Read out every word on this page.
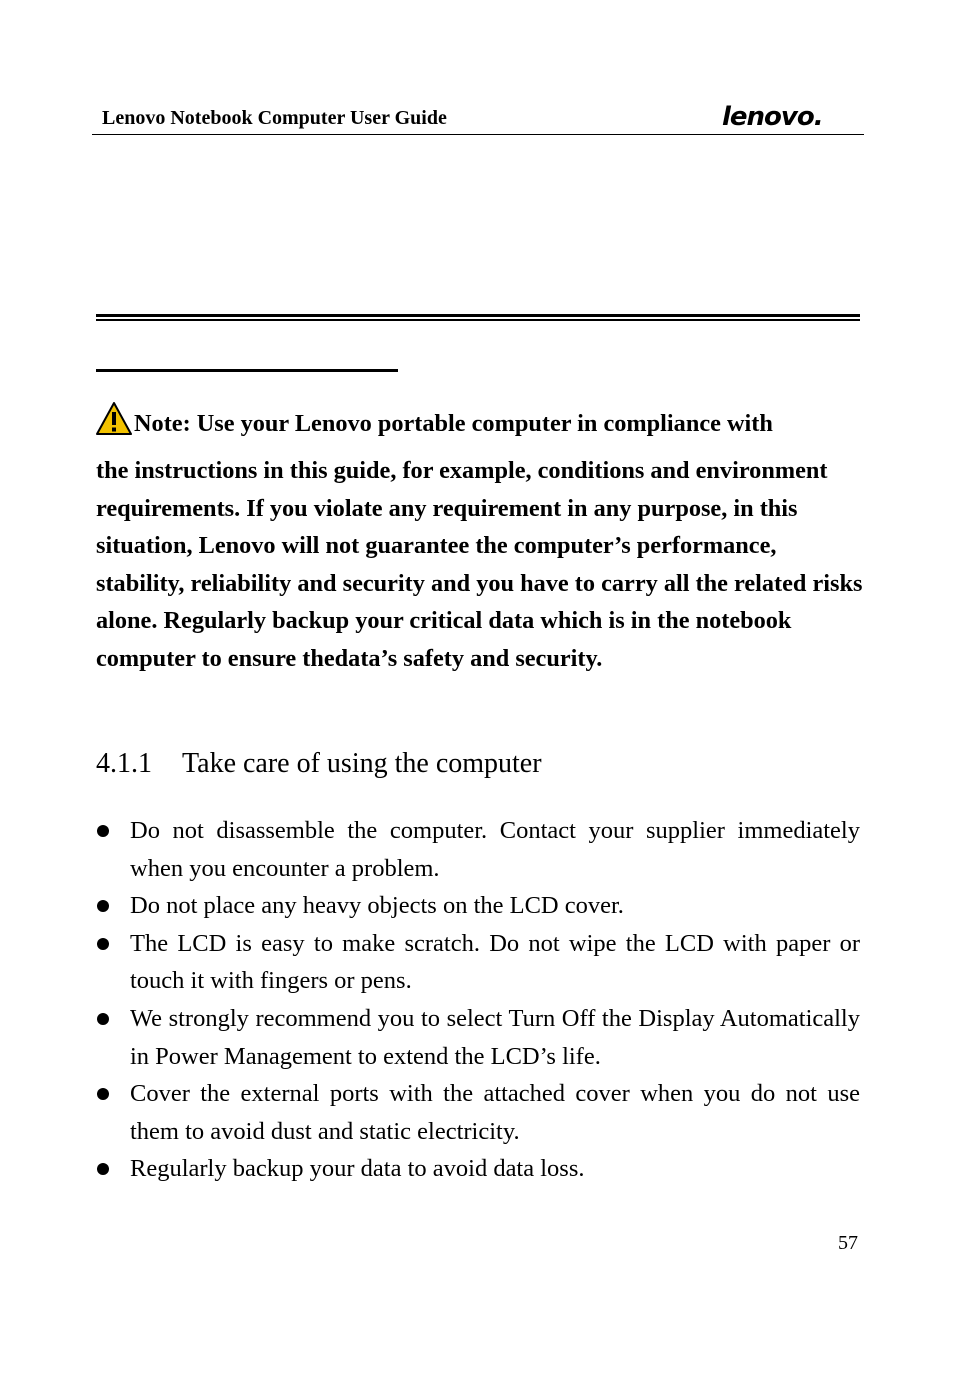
Lenovo Notebook Computer User Guide	lenovo.
Note: Use your Lenovo portable computer in compliance with
the instructions in this guide, for example, conditions and environment requirements. If you violate any requirement in any purpose, in this situation, Lenovo will not guarantee the computer’s performance, stability, reliability and security and you have to carry all the related risks alone. Regularly backup your critical data which is in the notebook computer to ensure thedata’s safety and security.
4.1.1 Take care of using the computer
Do not disassemble the computer. Contact your supplier immediately when you encounter a problem.
Do not place any heavy objects on the LCD cover.
The LCD is easy to make scratch. Do not wipe the LCD with paper or touch it with fingers or pens.
We strongly recommend you to select Turn Off the Display Automatically in Power Management to extend the LCD’s life.
Cover the external ports with the attached cover when you do not use them to avoid dust and static electricity.
Regularly backup your data to avoid data loss.
57
